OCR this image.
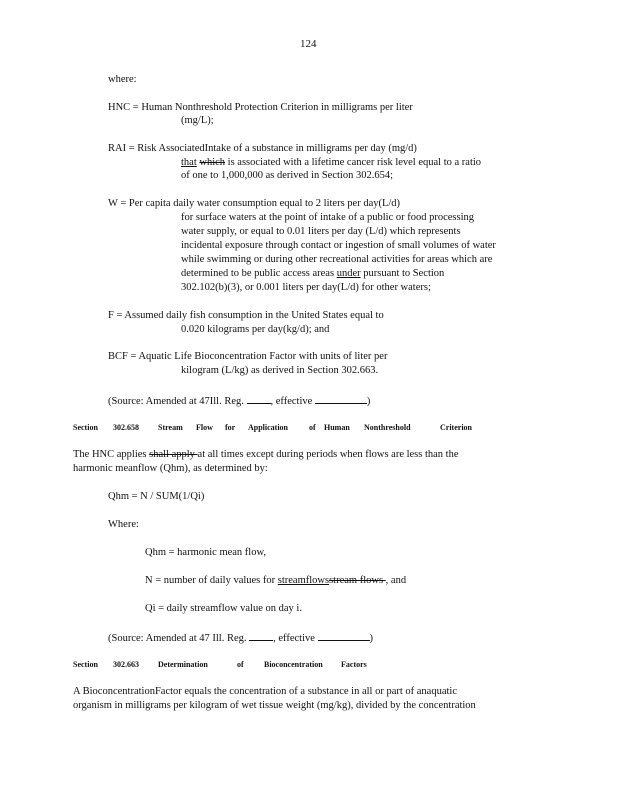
124
where:
HNC = Human Nonthreshold Protection Criterion in milligrams per liter
(mg/L);
RAI = Risk AssociatedIntake of a substance in milligrams per day (mg/d)
that which is associated with a lifetime cancer risk level equal to a ratio
of one to 1,000,000 as derived in Section 302.654;
W = Per capita daily water consumption equal to 2 liters per day(L/d)
for surface waters at the point of intake of a public or food processing
water supply, or equal to 0.01 liters per day (L/d) which represents
incidental exposure through contact or ingestion of small volumes of water
while swimming or during other recreational activities for areas which are
determined to be public access areas under pursuant to Section
302.102(b)(3), or 0.001 liters per day(L/d) for other waters;
F = Assumed daily fish consumption in the United States equal to
0.020 kilograms per day(kg/d); and
BCF = Aquatic Life Bioconcentration Factor with units of liter per
kilogram (L/kg) as derived in Section 302.663.
(Source: Amended at 47Ill. Reg.	, effective	)
Section 302.658 Stream Flow for Application	of Human Nonthreshold	Criterion
The HNC applies shall apply at all times except during periods when flows are less than the
harmonic meanflow (Qhm), as determined by:
Qhm = N / SUM(1/Qi)
Where:
Qhm = harmonic mean flow,
N = number of daily values for streamflowsstream flows , and
Qi = daily streamflow value on day i.
(Source: Amended at 47 Ill. Reg.	, effective	)
Section 302.663 Determination	of	Bioconcentration Factors
A BioconcentrationFactor equals the concentration of a substance in all or part of anaquatic
organism in milligrams per kilogram of wet tissue weight (mg/kg), divided by the concentration
